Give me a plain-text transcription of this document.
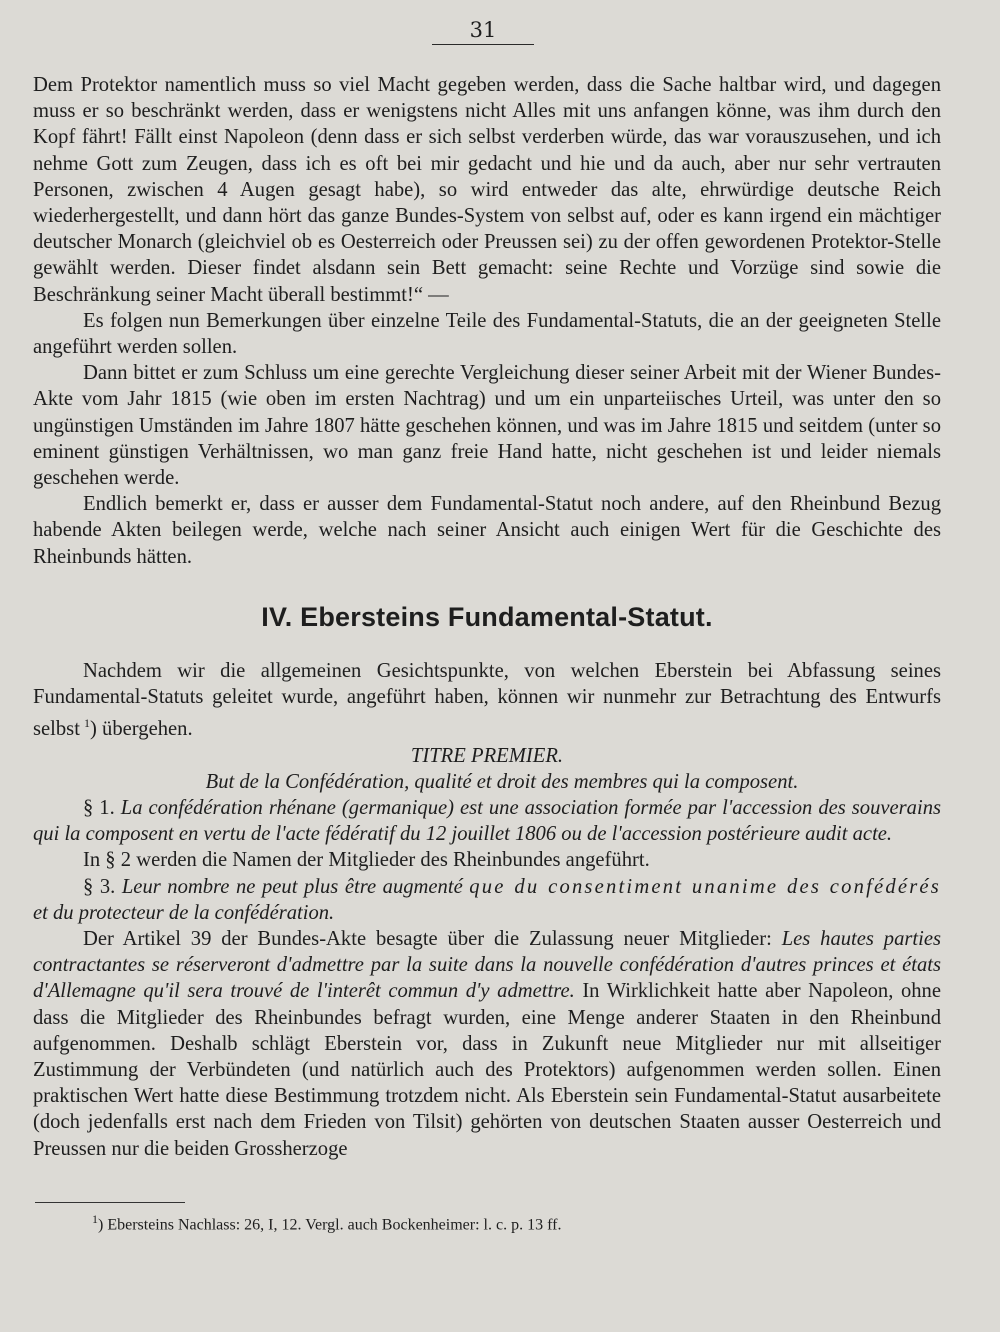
31

Dem Protektor namentlich muss so viel Macht gegeben werden, dass die Sache haltbar wird, und dagegen muss er so beschränkt werden, dass er wenigstens nicht Alles mit uns anfangen könne, was ihm durch den Kopf fährt! Fällt einst Napoleon (denn dass er sich selbst verderben würde, das war vorauszusehen, und ich nehme Gott zum Zeugen, dass ich es oft bei mir gedacht und hie und da auch, aber nur sehr vertrauten Personen, zwischen 4 Augen gesagt habe), so wird entweder das alte, ehrwürdige deutsche Reich wiederhergestellt, und dann hört das ganze Bundes-System von selbst auf, oder es kann irgend ein mächtiger deutscher Monarch (gleichviel ob es Oesterreich oder Preussen sei) zu der offen gewordenen Protektor-Stelle gewählt werden. Dieser findet alsdann sein Bett gemacht: seine Rechte und Vorzüge sind sowie die Beschränkung seiner Macht überall bestimmt!“ —

Es folgen nun Bemerkungen über einzelne Teile des Fundamental-Statuts, die an der geeigneten Stelle angeführt werden sollen.

Dann bittet er zum Schluss um eine gerechte Vergleichung dieser seiner Arbeit mit der Wiener Bundes-Akte vom Jahr 1815 (wie oben im ersten Nachtrag) und um ein unparteiisches Urteil, was unter den so ungünstigen Umständen im Jahre 1807 hätte geschehen können, und was im Jahre 1815 und seitdem (unter so eminent günstigen Verhältnissen, wo man ganz freie Hand hatte, nicht geschehen ist und leider niemals geschehen werde.

Endlich bemerkt er, dass er ausser dem Fundamental-Statut noch andere, auf den Rheinbund Bezug habende Akten beilegen werde, welche nach seiner Ansicht auch einigen Wert für die Geschichte des Rheinbunds hätten.

IV. Ebersteins Fundamental-Statut.

Nachdem wir die allgemeinen Gesichtspunkte, von welchen Eberstein bei Abfassung seines Fundamental-Statuts geleitet wurde, angeführt haben, können wir nunmehr zur Betrachtung des Entwurfs selbst  $^1$) übergehen.

TITRE PREMIER.

But de la Confédération, qualité et droit des membres qui la composent.

§ 1. La confédération rhénane (germanique) est une association formée par l'accession des souverains qui la composent en vertu de l'acte fédératif du 12 jouillet 1806 ou de l'accession postérieure audit acte.

In § 2 werden die Namen der Mitglieder des Rheinbundes angeführt.

§ 3. Leur nombre ne peut plus être augmenté que du consentiment unanime des confédérés et du protecteur de la confédération.

Der Artikel 39 der Bundes-Akte besagte über die Zulassung neuer Mitglieder: Les hautes parties contractantes se réserveront d'admettre par la suite dans la nouvelle confédération d'autres princes et états d'Allemagne qu'il sera trouvé de l'interêt commun d'y admettre. In Wirklichkeit hatte aber Napoleon, ohne dass die Mitglieder des Rheinbundes befragt wurden, eine Menge anderer Staaten in den Rheinbund aufgenommen. Deshalb schlägt Eberstein vor, dass in Zukunft neue Mitglieder nur mit allseitiger Zustimmung der Verbündeten (und natürlich auch des Protektors) aufgenommen werden sollen. Einen praktischen Wert hatte diese Bestimmung trotzdem nicht. Als Eberstein sein Fundamental-Statut ausarbeitete (doch jedenfalls erst nach dem Frieden von Tilsit) gehörten von deutschen Staaten ausser Oesterreich und Preussen nur die beiden Grossherzoge

$^1$) Ebersteins Nachlass: 26, I, 12. Vergl. auch Bockenheimer: l. c. p. 13 ff.
